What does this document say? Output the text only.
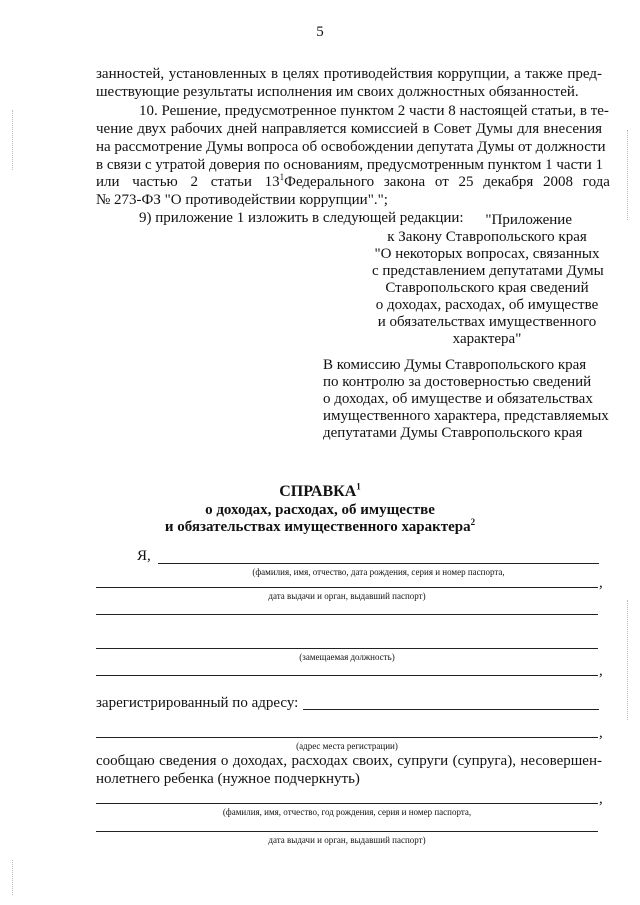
5
занностей, установленных в целях противодействия коррупции, а также пред-
шествующие результаты исполнения им своих должностных обязанностей.
10. Решение, предусмотренное пунктом 2 части 8 настоящей статьи, в те-
чение двух рабочих дней направляется комиссией в Совет Думы для внесения
на рассмотрение Думы вопроса об освобождении депутата Думы от должности
в связи с утратой доверия по основаниям, предусмотренным пунктом 1 части 1
или частью 2 статьи $13^1$ Федерального закона от 25 декабря 2008 года
№ 273-ФЗ "О противодействии коррупции".";
9) приложение 1 изложить в следующей редакции:	"Приложение
к Закону Ставропольского края
"О некоторых вопросах, связанных
с представлением депутатами Думы
Ставропольского края сведений
о доходах, расходах, об имуществе
и обязательствах имущественного
характера"
В комиссию Думы Ставропольского края
по контролю за достоверностью сведений
о доходах, об имуществе и обязательствах
имущественного характера, представляемых
депутатами Думы Ставропольского края
СПРАВКА$^1$
о доходах, расходах, об имуществе
и обязательствах имущественного характера$^2$
Я,
(фамилия, имя, отчество, дата рождения, серия и номер паспорта,
,
дата выдачи и орган, выдавший паспорт)
(замещаемая должность)
,
зарегистрированный по адресу:
,
(адрес места регистрации)
сообщаю сведения о доходах, расходах своих, супруги (супруга), несовершен-
нолетнего ребенка (нужное подчеркнуть)
,
(фамилия, имя, отчество, год рождения, серия и номер паспорта,
дата выдачи и орган, выдавший паспорт)
